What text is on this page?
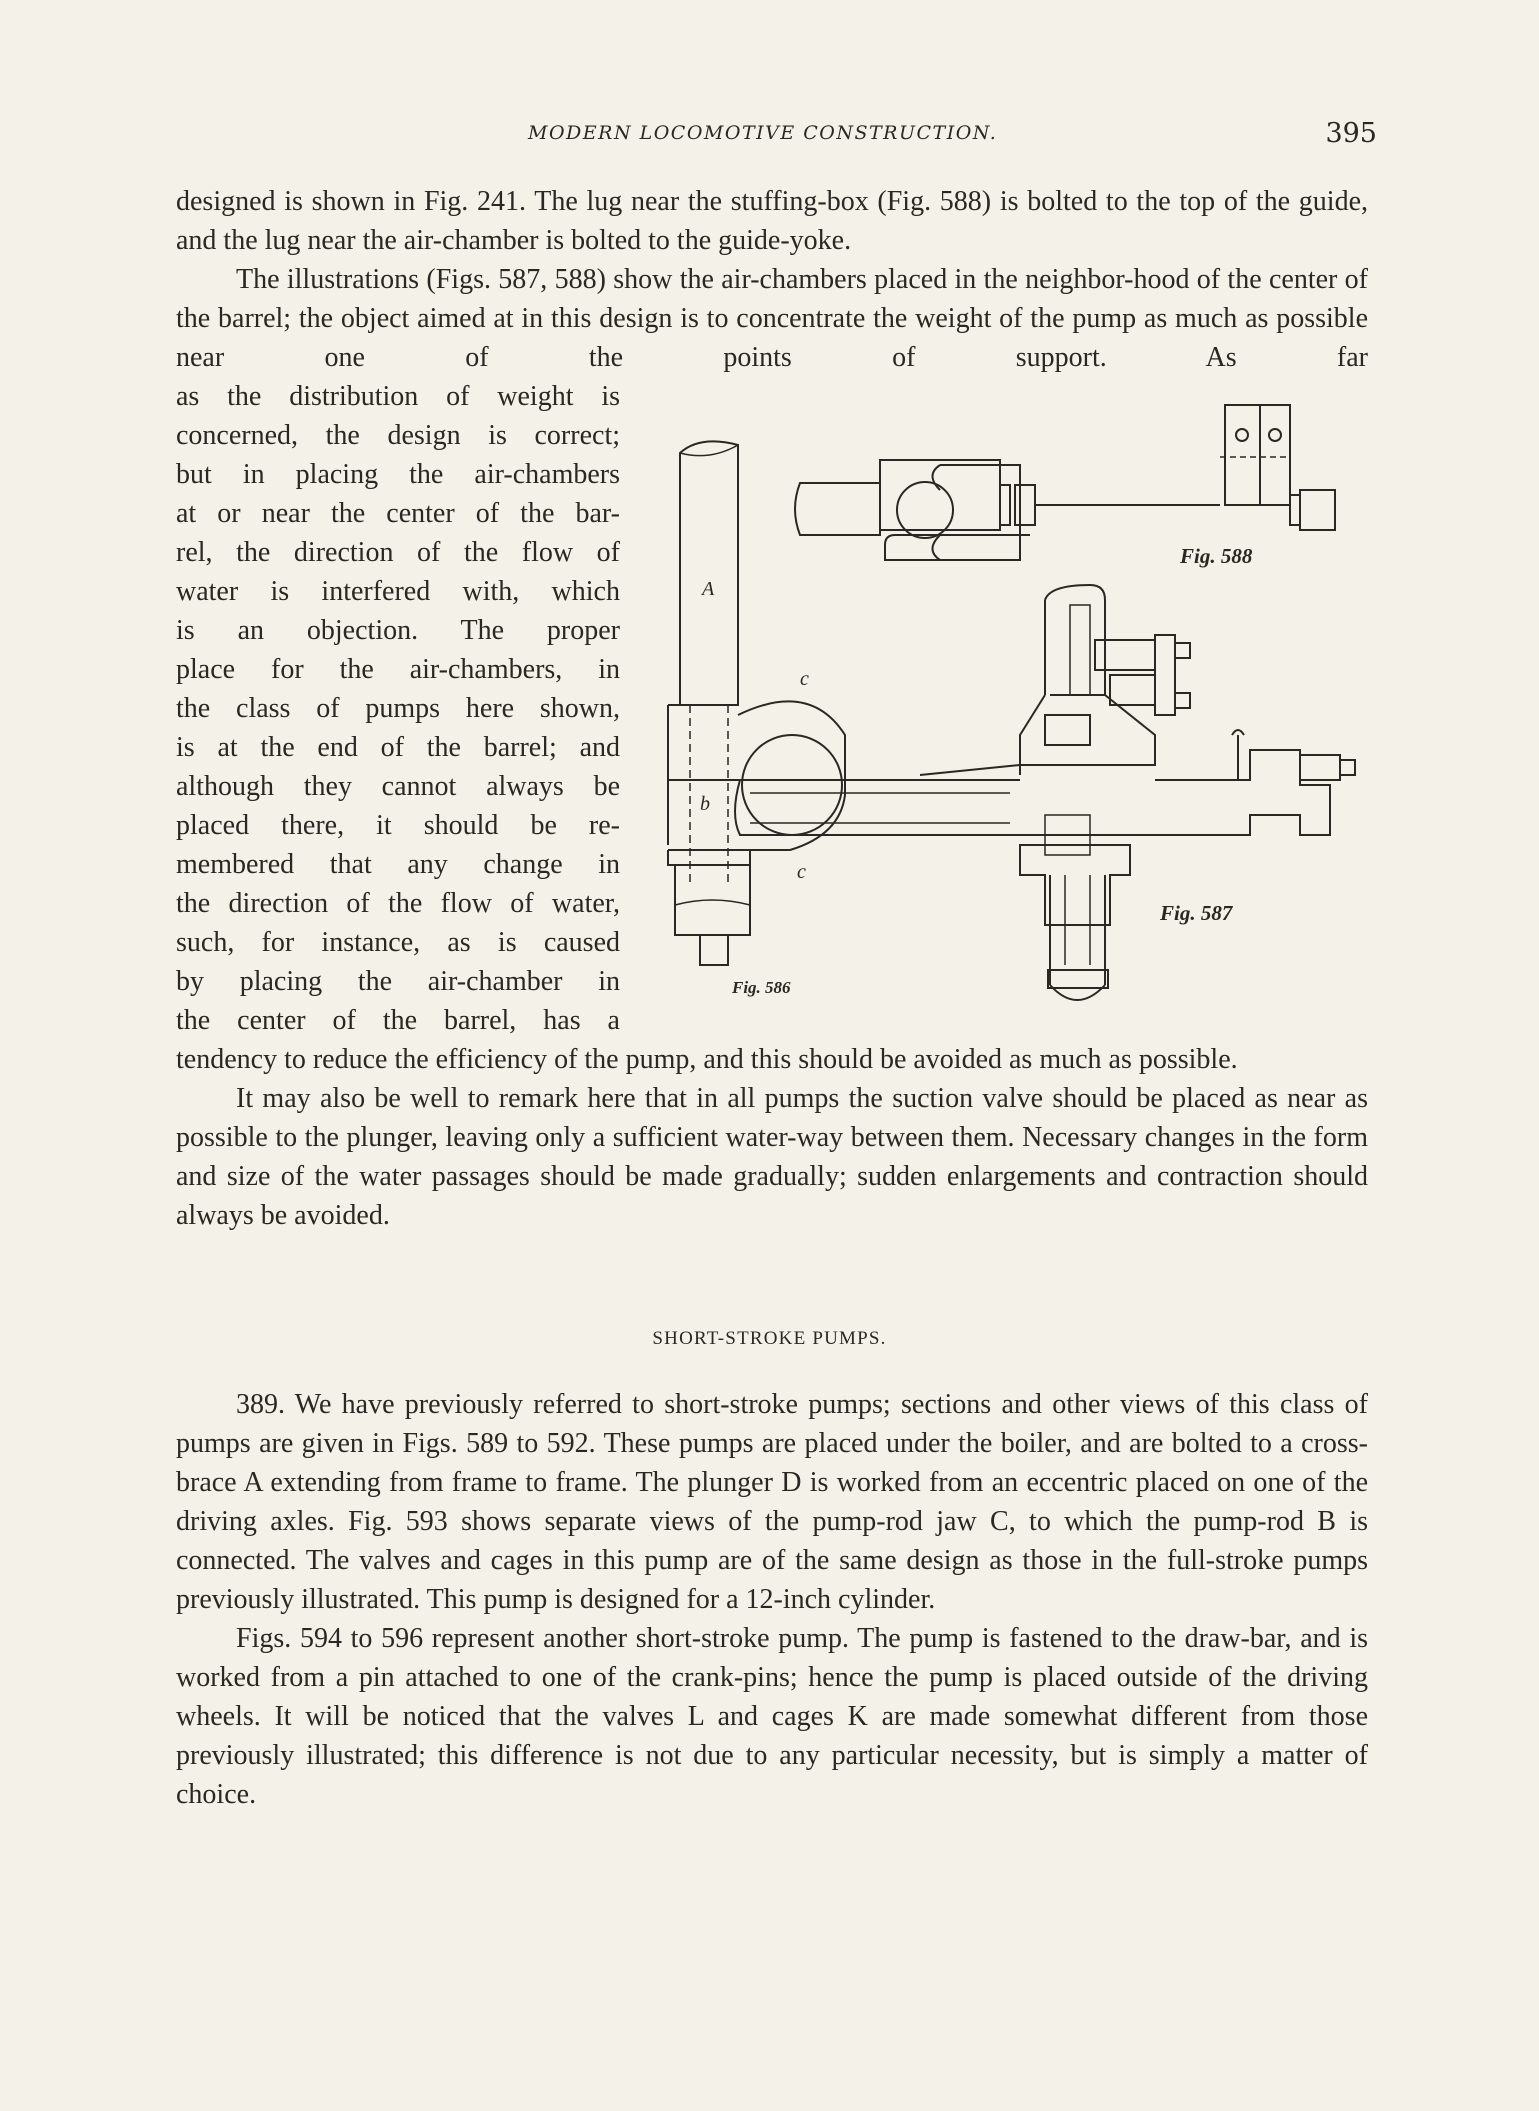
MODERN LOCOMOTIVE CONSTRUCTION.	395

designed is shown in Fig. 241. The lug near the stuffing-box (Fig. 588) is bolted to the top of the guide, and the lug near the air-chamber is bolted to the guide-yoke.

The illustrations (Figs. 587, 588) show the air-chambers placed in the neighbor-hood of the center of the barrel; the object aimed at in this design is to concentrate the weight of the pump as much as possible near one of the points of support. As far

as the distribution of weight is
concerned, the design is correct;
but in placing the air-chambers
at or near the center of the bar-
rel, the direction of the flow of
water is interfered with, which
is an objection. The proper
place for the air-chambers, in
the class of pumps here shown,
is at the end of the barrel; and
although they cannot always be
placed there, it should be re-
membered that any change in
the direction of the flow of water,
such, for instance, as is caused
by placing the air-chamber in
the center of the barrel, has a
A
b
c
c
Fig. 586
Fig. 588
Fig. 587

tendency to reduce the efficiency of the pump, and this should be avoided as much as possible.

It may also be well to remark here that in all pumps the suction valve should be placed as near as possible to the plunger, leaving only a sufficient water-way between them. Necessary changes in the form and size of the water passages should be made gradually; sudden enlargements and contraction should always be avoided.

SHORT-STROKE PUMPS.

389. We have previously referred to short-stroke pumps; sections and other views of this class of pumps are given in Figs. 589 to 592. These pumps are placed under the boiler, and are bolted to a cross-brace A extending from frame to frame. The plunger D is worked from an eccentric placed on one of the driving axles. Fig. 593 shows separate views of the pump-rod jaw C, to which the pump-rod B is connected. The valves and cages in this pump are of the same design as those in the full-stroke pumps previously illustrated. This pump is designed for a 12-inch cylinder.

Figs. 594 to 596 represent another short-stroke pump. The pump is fastened to the draw-bar, and is worked from a pin attached to one of the crank-pins; hence the pump is placed outside of the driving wheels. It will be noticed that the valves L and cages K are made somewhat different from those previously illustrated; this difference is not due to any particular necessity, but is simply a matter of choice.
